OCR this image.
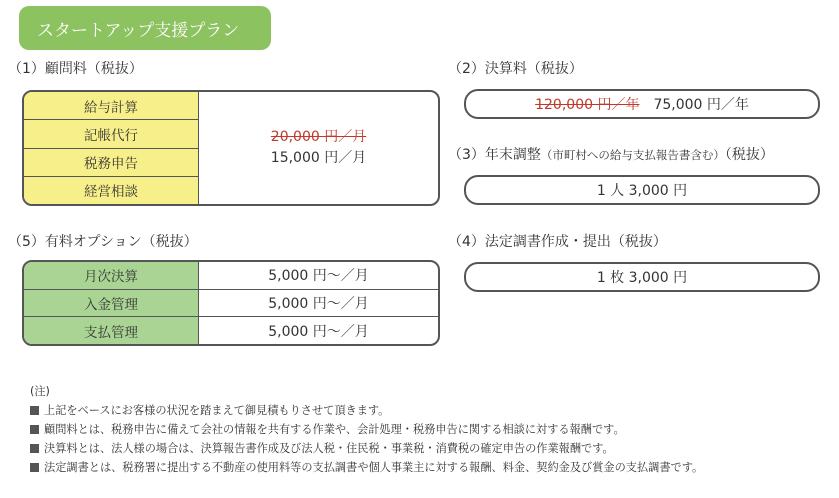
スタートアップ支援プラン
（1）顧問料（税抜）
給与計算
記帳代行
税務申告
経営相談
20,000 円／月
15,000 円／月
（2）決算料（税抜）
120,000 円／年 75,000 円／年
（3）年末調整（市町村への給与支払報告書含む）（税抜）
1 人 3,000 円
（4）法定調書作成・提出（税抜）
1 枚 3,000 円
（5）有料オプション（税抜）
月次決算	5,000 円〜／月
入金管理	5,000 円〜／月
支払管理	5,000 円〜／月
(注)
上記をベースにお客様の状況を踏まえて御見積もりさせて頂きます。
顧問料とは、税務申告に備えて会社の情報を共有する作業や、会計処理・税務申告に関する相談に対する報酬です。
決算料とは、法人様の場合は、決算報告書作成及び法人税・住民税・事業税・消費税の確定申告の作業報酬です。
法定調書とは、税務署に提出する不動産の使用料等の支払調書や個人事業主に対する報酬、料金、契約金及び賞金の支払調書です。
